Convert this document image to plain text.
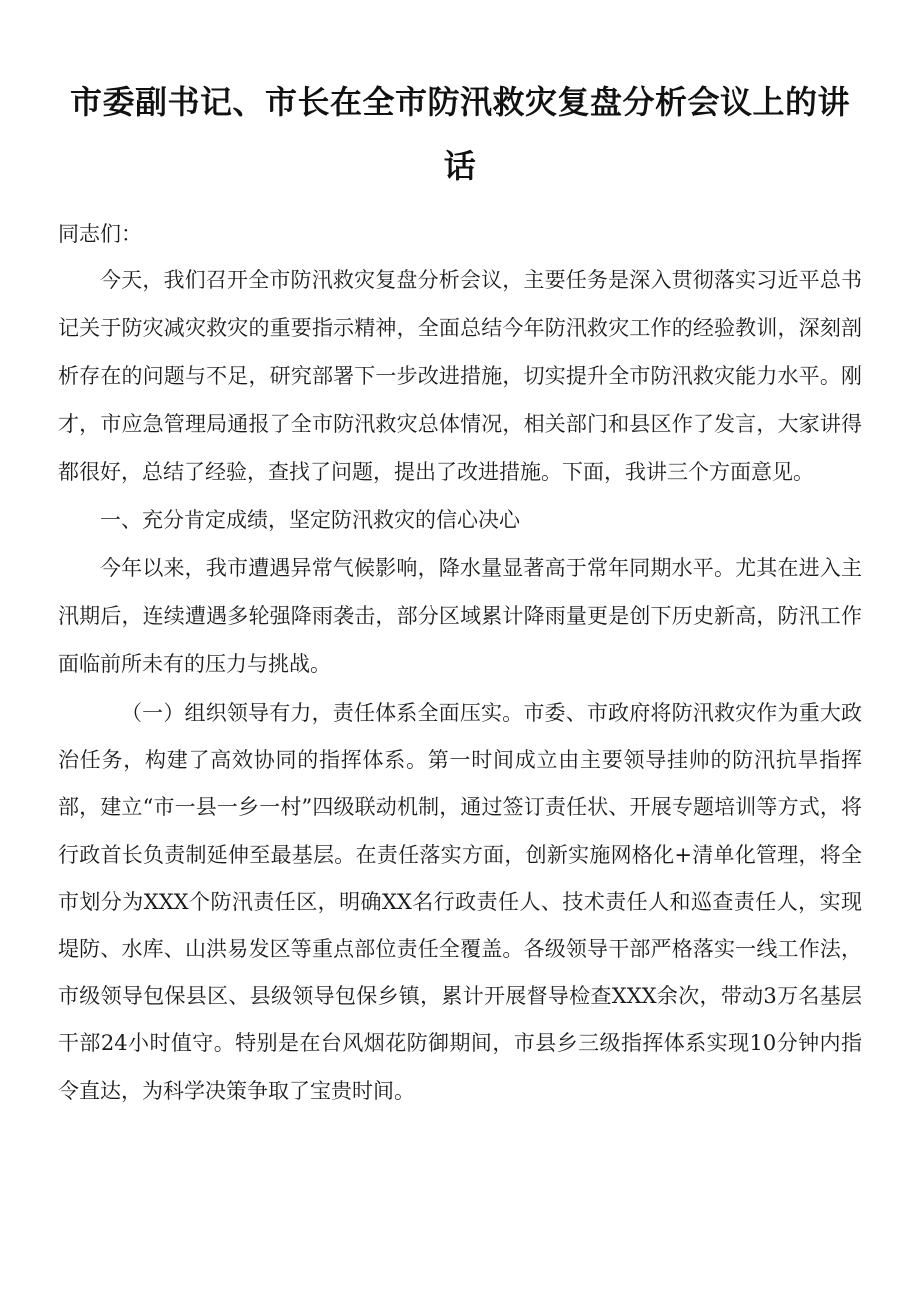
市委副书记、市长在全市防汛救灾复盘分析会议上的讲
话

同志们：

今天，我们召开全市防汛救灾复盘分析会议，主要任务是深入贯彻落实习近平总书记关于防灾减灾救灾的重要指示精神，全面总结今年防汛救灾工作的经验教训，深刻剖析存在的问题与不足，研究部署下一步改进措施，切实提升全市防汛救灾能力水平。刚才，市应急管理局通报了全市防汛救灾总体情况，相关部门和县区作了发言，大家讲得都很好，总结了经验，查找了问题，提出了改进措施。下面，我讲三个方面意见。

一、充分肯定成绩，坚定防汛救灾的信心决心

今年以来，我市遭遇异常气候影响，降水量显著高于常年同期水平。尤其在进入主汛期后，连续遭遇多轮强降雨袭击，部分区域累计降雨量更是创下历史新高，防汛工作面临前所未有的压力与挑战。

（一）组织领导有力，责任体系全面压实。市委、市政府将防汛救灾作为重大政治任务，构建了高效协同的指挥体系。第一时间成立由主要领导挂帅的防汛抗旱指挥部，建立“市一县一乡一村”四级联动机制，通过签订责任状、开展专题培训等方式，将行政首长负责制延伸至最基层。在责任落实方面，创新实施网格化+清单化管理，将全市划分为XXX个防汛责任区，明确XX名行政责任人、技术责任人和巡查责任人，实现堤防、水库、山洪易发区等重点部位责任全覆盖。各级领导干部严格落实一线工作法，市级领导包保县区、县级领导包保乡镇，累计开展督导检查XXX余次，带动3万名基层干部24小时值守。特别是在台风烟花防御期间，市县乡三级指挥体系实现10分钟内指令直达，为科学决策争取了宝贵时间。
